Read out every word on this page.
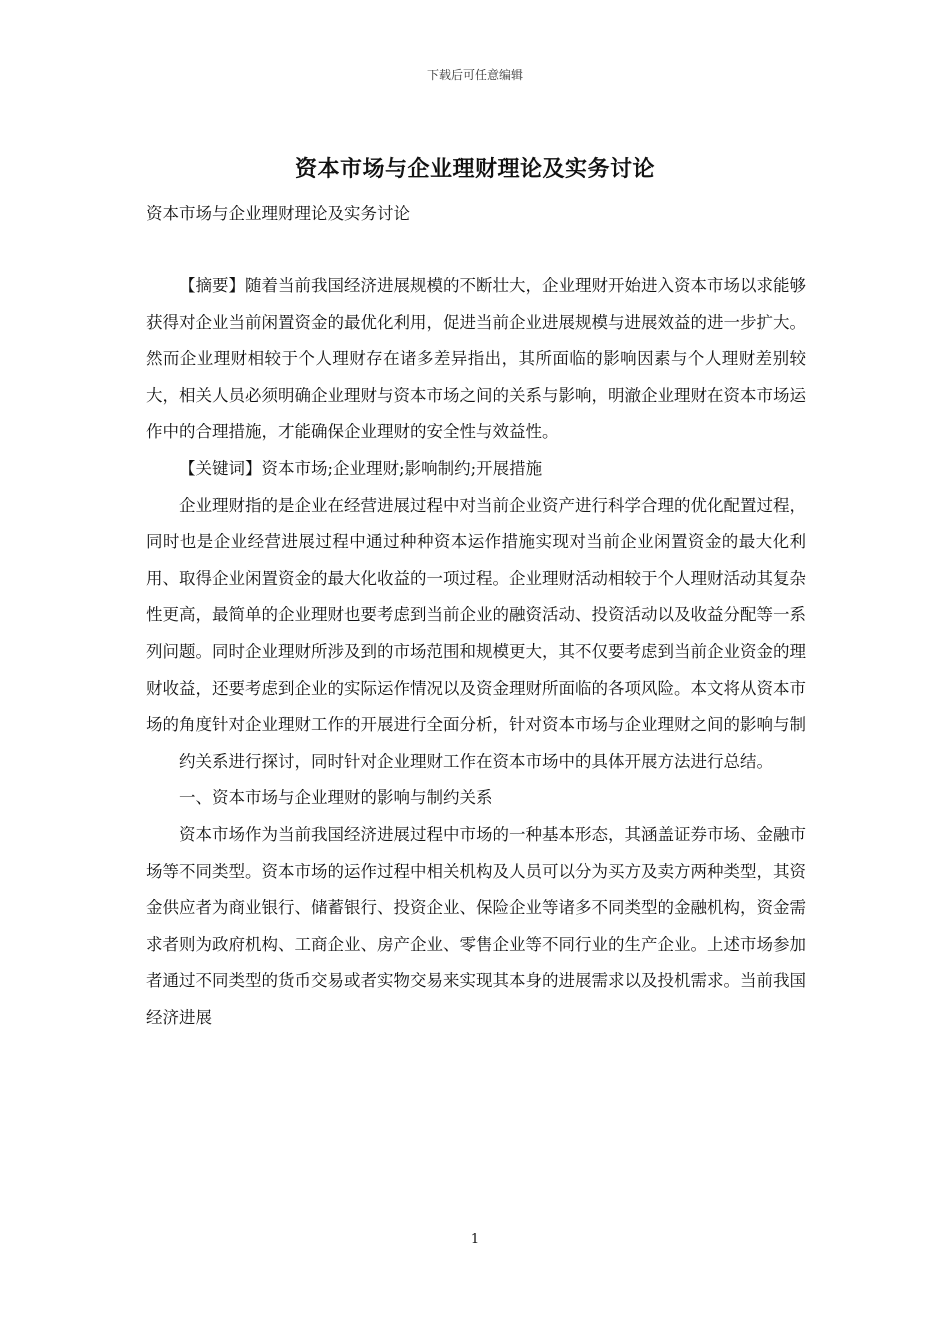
下载后可任意编辑
资本市场与企业理财理论及实务讨论
资本市场与企业理财理论及实务讨论

【摘要】随着当前我国经济进展规模的不断壮大，企业理财开始进入资本市场以求能够获得对企业当前闲置资金的最优化利用，促进当前企业进展规模与进展效益的进一步扩大。然而企业理财相较于个人理财存在诸多差异指出，其所面临的影响因素与个人理财差别较大，相关人员必须明确企业理财与资本市场之间的关系与影响，明澈企业理财在资本市场运作中的合理措施，才能确保企业理财的安全性与效益性。

【关键词】资本市场;企业理财;影响制约;开展措施

企业理财指的是企业在经营进展过程中对当前企业资产进行科学合理的优化配置过程，同时也是企业经营进展过程中通过种种资本运作措施实现对当前企业闲置资金的最大化利用、取得企业闲置资金的最大化收益的一项过程。企业理财活动相较于个人理财活动其复杂性更高，最简单的企业理财也要考虑到当前企业的融资活动、投资活动以及收益分配等一系列问题。同时企业理财所涉及到的市场范围和规模更大，其不仅要考虑到当前企业资金的理财收益，还要考虑到企业的实际运作情况以及资金理财所面临的各项风险。本文将从资本市场的角度针对企业理财工作的开展进行全面分析，针对资本市场与企业理财之间的影响与制

约关系进行探讨，同时针对企业理财工作在资本市场中的具体开展方法进行总结。

一、资本市场与企业理财的影响与制约关系

资本市场作为当前我国经济进展过程中市场的一种基本形态，其涵盖证券市场、金融市场等不同类型。资本市场的运作过程中相关机构及人员可以分为买方及卖方两种类型，其资金供应者为商业银行、储蓄银行、投资企业、保险企业等诸多不同类型的金融机构，资金需求者则为政府机构、工商企业、房产企业、零售企业等不同行业的生产企业。上述市场参加者通过不同类型的货币交易或者实物交易来实现其本身的进展需求以及投机需求。当前我国经济进展

1
